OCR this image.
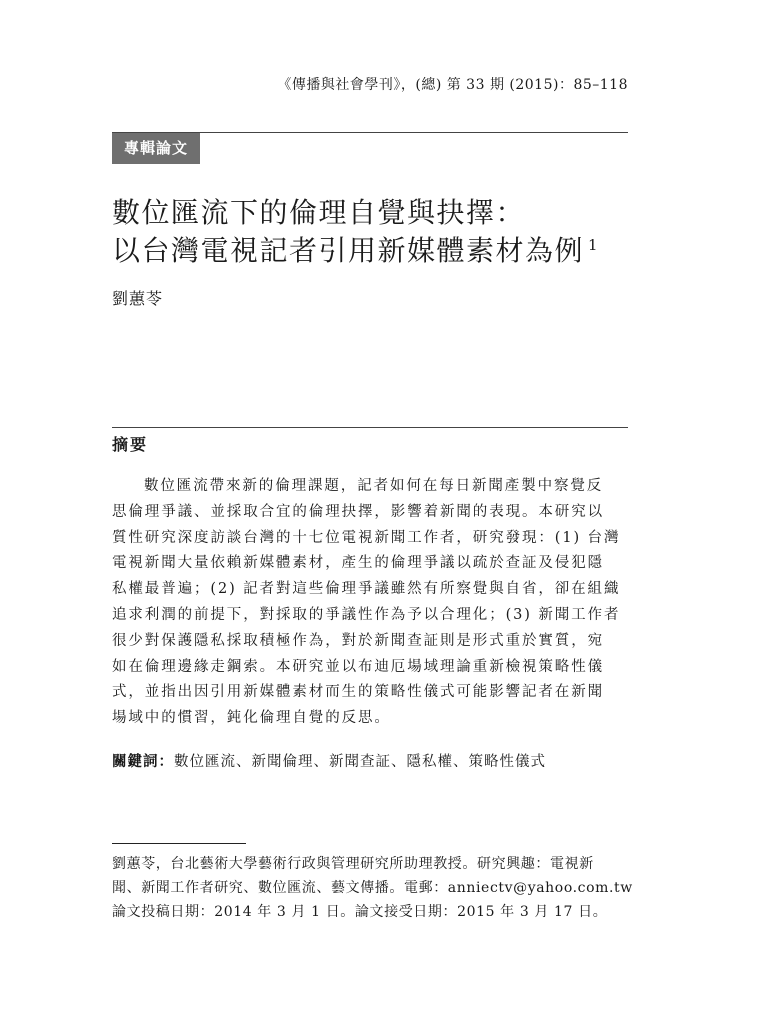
《傳播與社會學刊》，(總) 第 33 期 (2015)：85–118
專輯論文
數位匯流下的倫理自覺與抉擇：
以台灣電視記者引用新媒體素材為例 $^1$
劉蕙苓
摘要
數位匯流帶來新的倫理課題，記者如何在每日新聞產製中察覺反
思倫理爭議、並採取合宜的倫理抉擇，影響着新聞的表現。本研究以
質性研究深度訪談台灣的十七位電視新聞工作者，研究發現：(1) 台灣
電視新聞大量依賴新媒體素材，產生的倫理爭議以疏於查証及侵犯隱
私權最普遍；(2) 記者對這些倫理爭議雖然有所察覺與自省，卻在組織
追求利潤的前提下，對採取的爭議性作為予以合理化；(3) 新聞工作者
很少對保護隱私採取積極作為，對於新聞查証則是形式重於實質，宛
如在倫理邊緣走鋼索。本研究並以布迪厄場域理論重新檢視策略性儀
式，並指出因引用新媒體素材而生的策略性儀式可能影響記者在新聞
場域中的慣習，鈍化倫理自覺的反思。
關鍵詞：數位匯流、新聞倫理、新聞查証、隱私權、策略性儀式
劉蕙苓，台北藝術大學藝術行政與管理研究所助理教授。研究興趣：電視新
聞、新聞工作者研究、數位匯流、藝文傳播。電郵：anniectv@yahoo.com.tw
論文投稿日期：2014 年 3 月 1 日。論文接受日期：2015 年 3 月 17 日。
